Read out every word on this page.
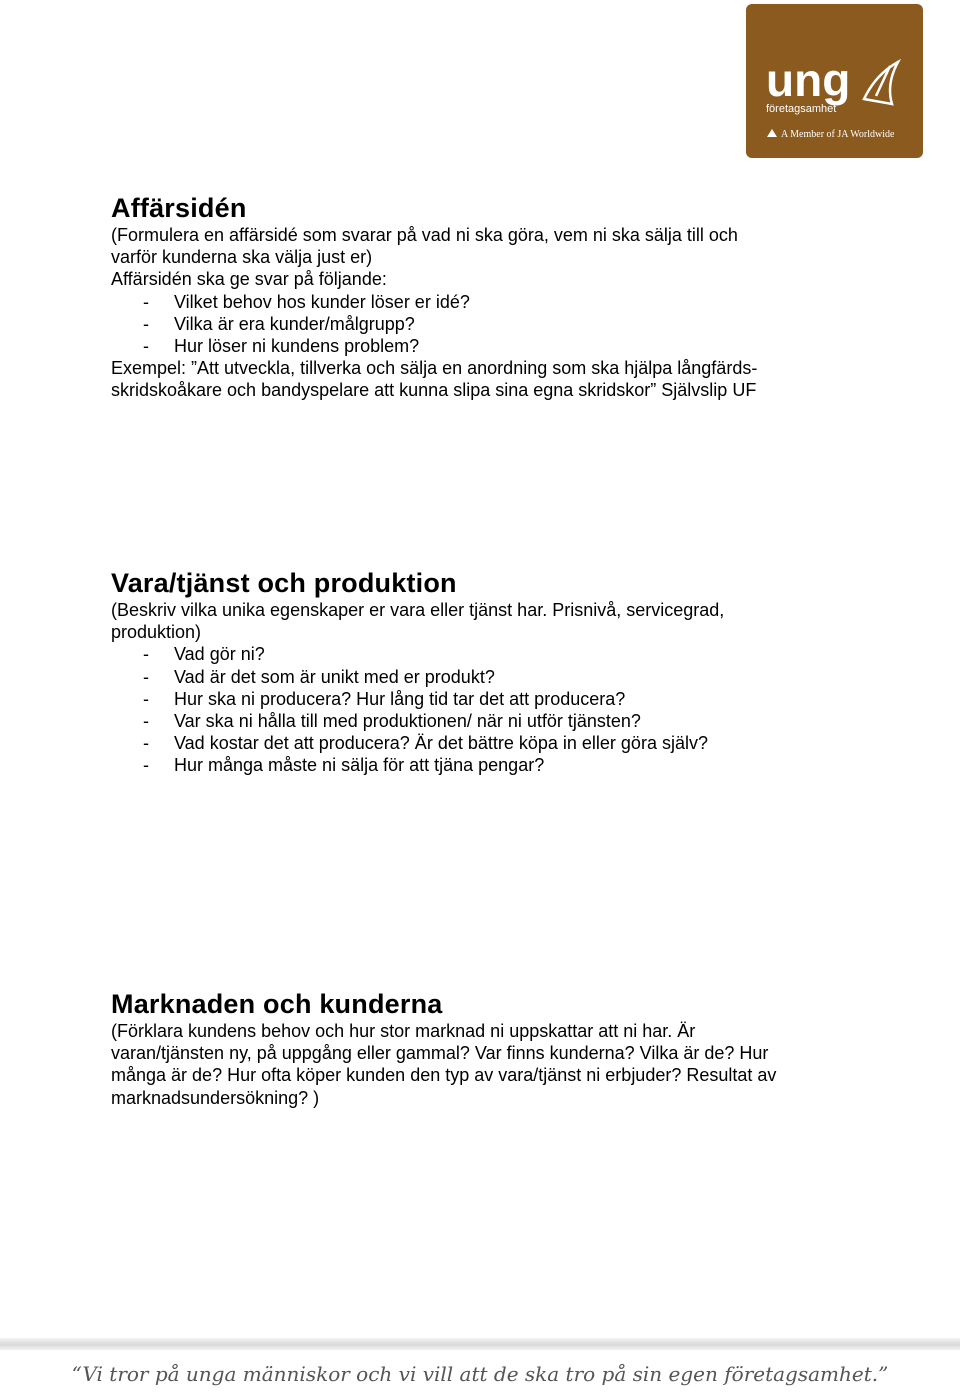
ung
företagsamhet
A Member of JA Worldwide
Affärsidén

(Formulera en affärsidé som svarar på vad ni ska göra, vem ni ska sälja till och

varför kunderna ska välja just er)

Affärsidén ska ge svar på följande:

- Vilket behov hos kunder löser er idé?
- Vilka är era kunder/målgrupp?
- Hur löser ni kundens problem?

Exempel: ”Att utveckla, tillverka och sälja en anordning som ska hjälpa långfärds-

skridskoåkare och bandyspelare att kunna slipa sina egna skridskor” Självslip UF

Vara/tjänst och produktion

(Beskriv vilka unika egenskaper er vara eller tjänst har. Prisnivå, servicegrad,

produktion)

- Vad gör ni?
- Vad är det som är unikt med er produkt?
- Hur ska ni producera? Hur lång tid tar det att producera?
- Var ska ni hålla till med produktionen/ när ni utför tjänsten?
- Vad kostar det att producera? Är det bättre köpa in eller göra själv?
- Hur många måste ni sälja för att tjäna pengar?
Marknaden och kunderna

(Förklara kundens behov och hur stor marknad ni uppskattar att ni har. Är

varan/tjänsten ny, på uppgång eller gammal? Var finns kunderna? Vilka är de? Hur

många är de? Hur ofta köper kunden den typ av vara/tjänst ni erbjuder? Resultat av

marknadsundersökning? )

“Vi tror på unga människor och vi vill att de ska tro på sin egen företagsamhet.”
